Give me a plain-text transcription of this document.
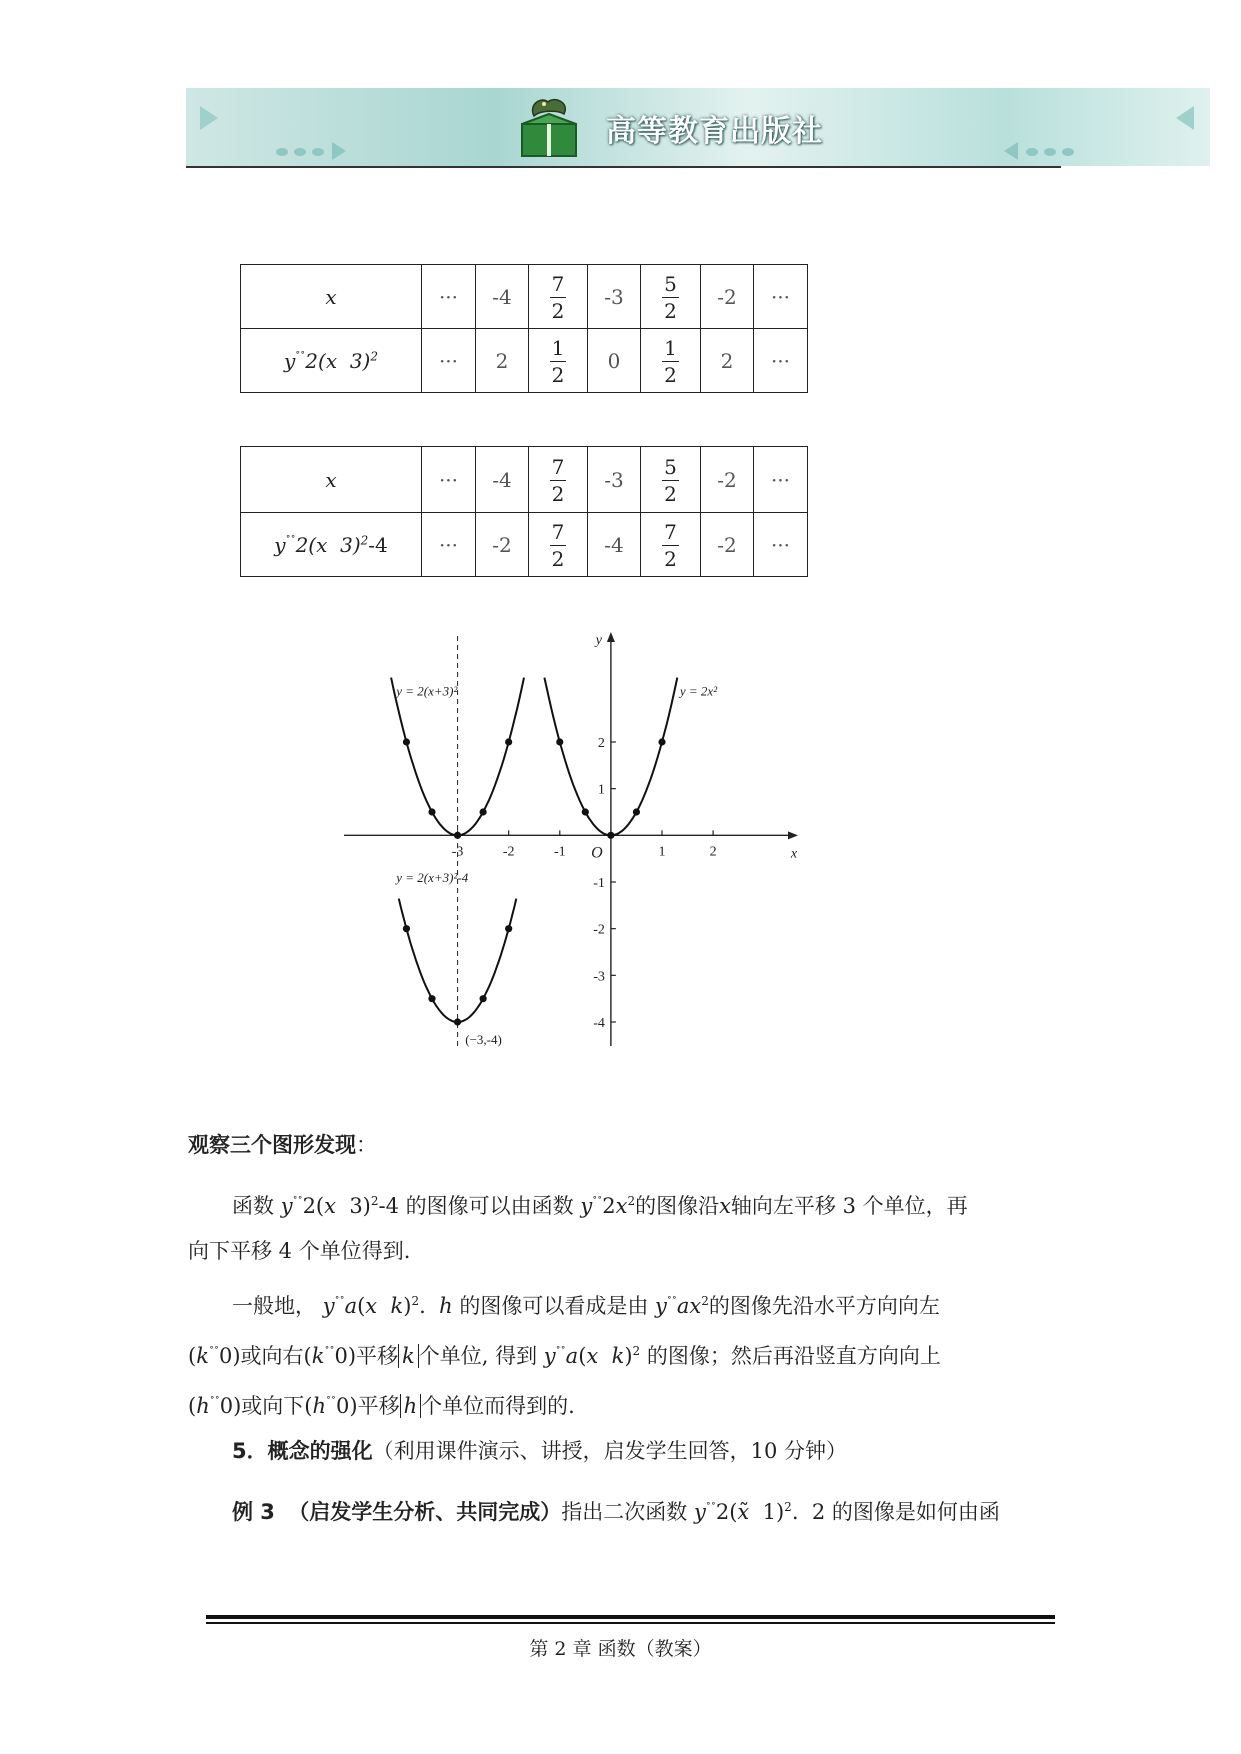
高等教育出版社
x	···	-4	$\frac{7}{2}$	-3	$\frac{5}{2}$	-2	···
y˚˚2(x  3)$^2$	···	2	$\frac{1}{2}$	0	$\frac{1}{2}$	2	···
x	···	-4	$\frac{7}{2}$	-3	$\frac{5}{2}$	-2	···
y˚˚2(x  3)$^2$-4	···	-2	$\frac{7}{2}$	-4	$\frac{7}{2}$	-2	···
x
y
O
-3	-2	-1	1	2
-4
-3
-2
-1
1
2
y = 2(x+3)²	y = 2x²
y = 2(x+3)²-4
(−3,-4)
观察三个图形发现：
函数 y˚˚2(x  3)$^2$-4 的图像可以由函数 $y^{˚˚}2x^2$的图像沿x轴向左平移 3 个单位，再
向下平移 4 个单位得到.
一般地， y˚˚a(x k)$^2$.  h 的图像可以看成是由 $y^{˚˚}ax^2$的图像先沿水平方向向左
(k˚˚0)或向右(k˚˚0)平移 k 个单位, 得到 y˚˚a(x k)$^2$ 的图像；然后再沿竖直方向向上
(h˚˚0)或向下(h˚˚0)平移 h 个单位而得到的.
5．概念的强化（利用课件演示、讲授，启发学生回答，10 分钟）
例 3 （启发学生分析、共同完成）指出二次函数 y˚˚2(x̃  1)$^2$.  2 的图像是如何由函
第 2 章 函数（教案）
